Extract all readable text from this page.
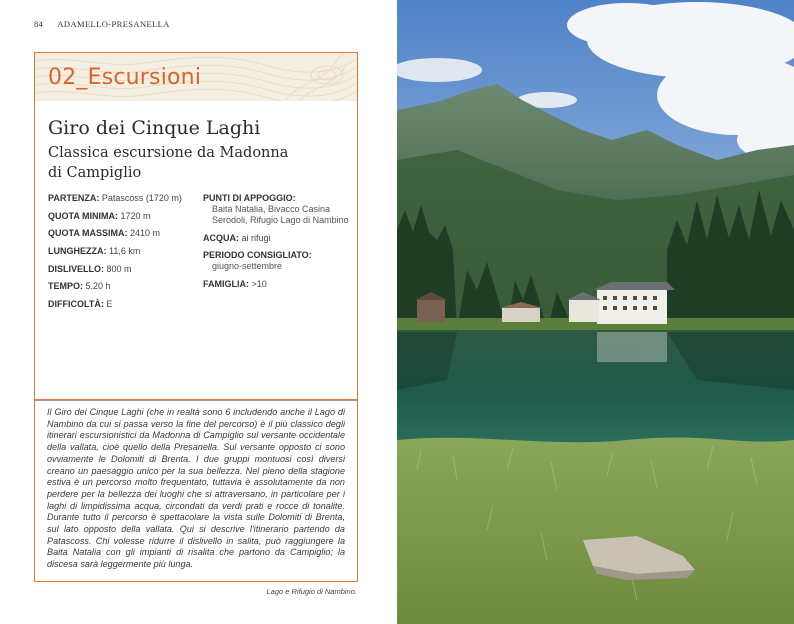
84 ADAMELLO-PRESANELLA
02_Escursioni
Giro dei Cinque Laghi
Classica escursione da Madonna di Campiglio
PARTENZA: Patascoss (1720 m)
QUOTA MINIMA: 1720 m
QUOTA MASSIMA: 2410 m
LUNGHEZZA: 11,6 km
DISLIVELLO: 800 m
TEMPO: 5.20 h
DIFFICOLTÀ: E
PUNTI DI APPOGGIO:
Baita Natalia, Bivacco Casina Serodoli, Rifugio Lago di Nambino
ACQUA: ai rifugi
PERIODO CONSIGLIATO:
giugno-settembre
FAMIGLIA: >10

Il Giro dei Cinque Laghi (che in realtà sono 6 includendo anche il Lago di Nambino da cui si passa verso la fine del percorso) è il più classico degli itinerari escursionistici da Madonna di Campiglio sul versante occidentale della vallata, cioè quello della Presanella. Sul versante opposto ci sono ovviamente le Dolomiti di Brenta. I due gruppi montuosi così diversi creano un paesaggio unico per la sua bellezza. Nel pieno della stagione estiva è un percorso molto frequentato, tuttavia è assolutamente da non perdere per la bellezza dei luoghi che si attraversano, in particolare per i laghi di limpidissima acqua, circondati da verdi prati e rocce di tonalite. Durante tutto il percorso è spettacolare la vista sulle Dolomiti di Brenta, sul lato opposto della vallata. Qui si descrive l'itinerario partendo da Patascoss. Chi volesse ridurre il dislivello in salita, può raggiungere la Baita Natalia con gli impianti di risalita che partono da Campiglio; la discesa sarà leggermente più lunga.

Lago e Rifugio di Nambino.
